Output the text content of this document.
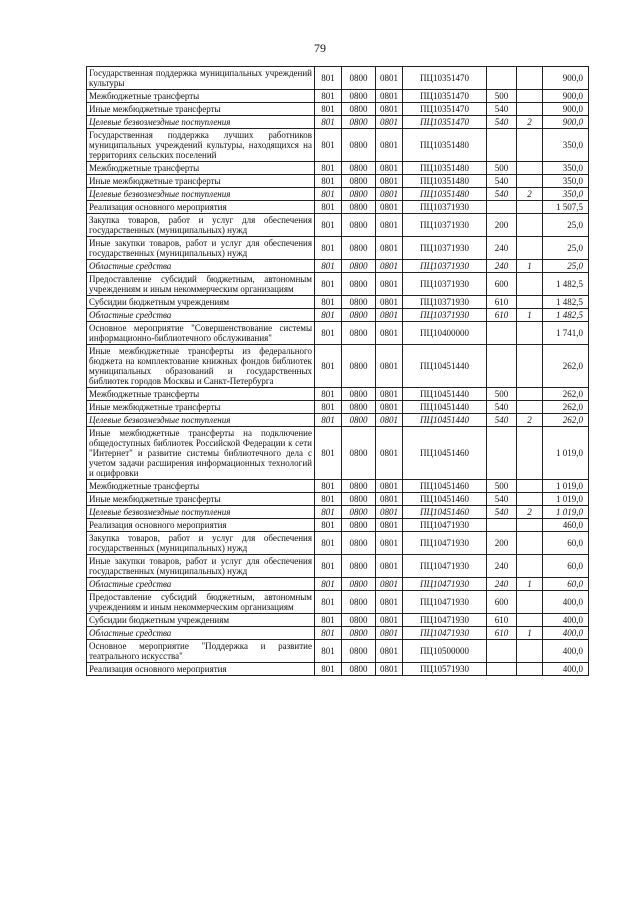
79
Государственная поддержка муниципальных учреждений культуры	801	0800	0801	ПЦ10351470			900,0
Межбюджетные трансферты	801	0800	0801	ПЦ10351470	500		900,0
Иные межбюджетные трансферты	801	0800	0801	ПЦ10351470	540		900,0
Целевые безвозмездные поступления	801	0800	0801	ПЦ10351470	540	2	900,0
Государственная поддержка лучших работников муниципальных учреждений культуры, находящихся на территориях сельских поселений	801	0800	0801	ПЦ10351480			350,0
Межбюджетные трансферты	801	0800	0801	ПЦ10351480	500		350,0
Иные межбюджетные трансферты	801	0800	0801	ПЦ10351480	540		350,0
Целевые безвозмездные поступления	801	0800	0801	ПЦ10351480	540	2	350,0
Реализация основного мероприятия	801	0800	0801	ПЦ10371930			1 507,5
Закупка товаров, работ и услуг для обеспечения государственных (муниципальных) нужд	801	0800	0801	ПЦ10371930	200		25,0
Иные закупки товаров, работ и услуг для обеспечения государственных (муниципальных) нужд	801	0800	0801	ПЦ10371930	240		25,0
Областные средства	801	0800	0801	ПЦ10371930	240	1	25,0
Предоставление субсидий бюджетным, автономным учреждениям и иным некоммерческим организациям	801	0800	0801	ПЦ10371930	600		1 482,5
Субсидии бюджетным учреждениям	801	0800	0801	ПЦ10371930	610		1 482,5
Областные средства	801	0800	0801	ПЦ10371930	610	1	1 482,5
Основное мероприятие "Совершенствование системы информационно-библиотечного обслуживания"	801	0800	0801	ПЦ10400000			1 741,0
Иные межбюджетные трансферты из федерального бюджета на комплектование книжных фондов библиотек муниципальных образований и государственных библиотек городов Москвы и Санкт-Петербурга	801	0800	0801	ПЦ10451440			262,0
Межбюджетные трансферты	801	0800	0801	ПЦ10451440	500		262,0
Иные межбюджетные трансферты	801	0800	0801	ПЦ10451440	540		262,0
Целевые безвозмездные поступления	801	0800	0801	ПЦ10451440	540	2	262,0
Иные межбюджетные трансферты на подключение общедоступных библиотек Российской Федерации к сети "Интернет" и развитие системы библиотечного дела с учетом задачи расширения информационных технологий и оцифровки	801	0800	0801	ПЦ10451460			1 019,0
Межбюджетные трансферты	801	0800	0801	ПЦ10451460	500		1 019,0
Иные межбюджетные трансферты	801	0800	0801	ПЦ10451460	540		1 019,0
Целевые безвозмездные поступления	801	0800	0801	ПЦ10451460	540	2	1 019,0
Реализация основного мероприятия	801	0800	0801	ПЦ10471930			460,0
Закупка товаров, работ и услуг для обеспечения государственных (муниципальных) нужд	801	0800	0801	ПЦ10471930	200		60,0
Иные закупки товаров, работ и услуг для обеспечения государственных (муниципальных) нужд	801	0800	0801	ПЦ10471930	240		60,0
Областные средства	801	0800	0801	ПЦ10471930	240	1	60,0
Предоставление субсидий бюджетным, автономным учреждениям и иным некоммерческим организациям	801	0800	0801	ПЦ10471930	600		400,0
Субсидии бюджетным учреждениям	801	0800	0801	ПЦ10471930	610		400,0
Областные средства	801	0800	0801	ПЦ10471930	610	1	400,0
Основное мероприятие "Поддержка и развитие театрального искусства"	801	0800	0801	ПЦ10500000			400,0
Реализация основного мероприятия	801	0800	0801	ПЦ10571930			400,0
